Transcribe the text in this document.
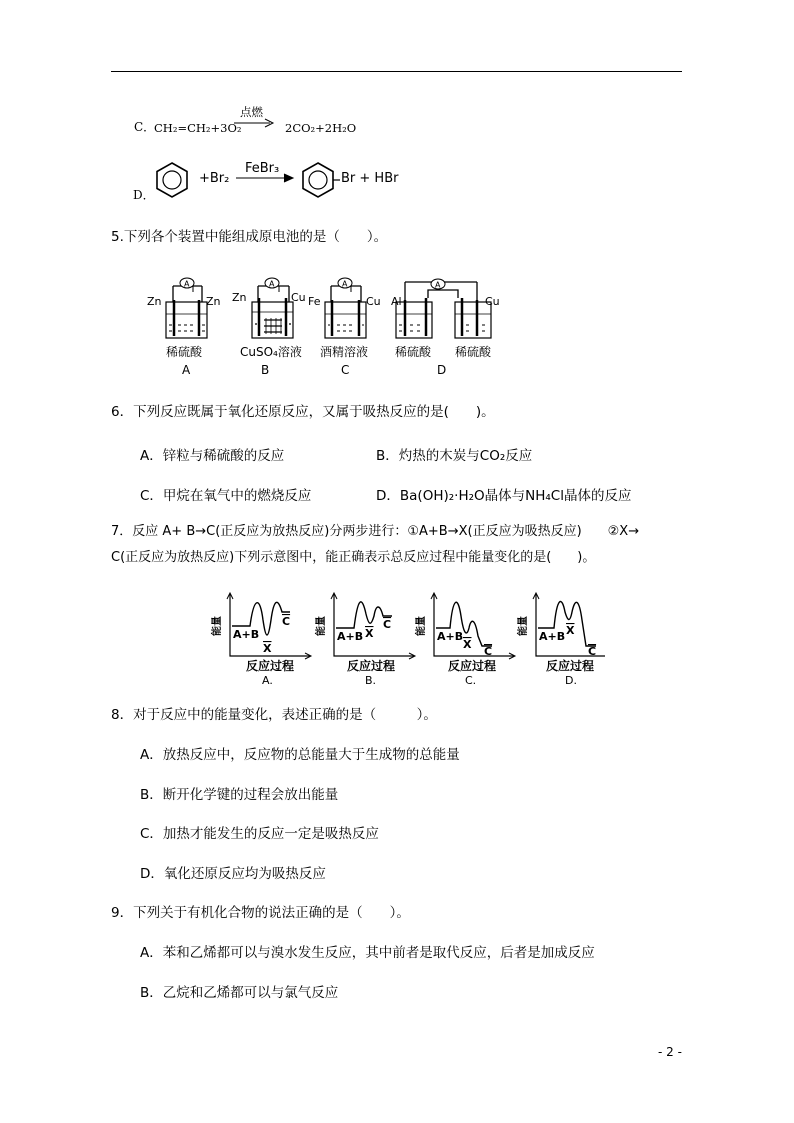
C．
CH₂=CH₂+3O₂
点燃
→ 2CO₂+2H₂O
D．
+Br₂
FeBr₃
Br + HBr
5.下列各个装置中能组成原电池的是（　　）。
A
Zn	Zn
稀硫酸
A
A
Zn	Cu
CuSO₄溶液
B
A
Fe	Cu
酒精溶液
C
A
Al	Cu
稀硫酸 稀硫酸
D
6．下列反应既属于氧化还原反应，又属于吸热反应的是(　　)。
A．锌粒与稀硫酸的反应	B．灼热的木炭与CO₂反应
C．甲烷在氧气中的燃烧反应	D．Ba(OH)₂·H₂O晶体与NH₄Cl晶体的反应
7．反应 A+ B→C(正反应为放热反应)分两步进行：①A+B→X(正反应为吸热反应)　　②X→
C(正反应为放热反应)下列示意图中，能正确表示总反应过程中能量变化的是(　　)。
能量 A+B
X
C
反应过程
A.
能量
A+B X
C
反应过程
B.
能量
A+B
X
C
反应过程
C.
能量
A+B X
C
反应过程
D.
8．对于反应中的能量变化，表述正确的是（　　　）。
A．放热反应中，反应物的总能量大于生成物的总能量
B．断开化学键的过程会放出能量
C．加热才能发生的反应一定是吸热反应
D．氧化还原反应均为吸热反应
9．下列关于有机化合物的说法正确的是（　　）。
A．苯和乙烯都可以与溴水发生反应，其中前者是取代反应，后者是加成反应
B．乙烷和乙烯都可以与氯气反应
- 2 -
